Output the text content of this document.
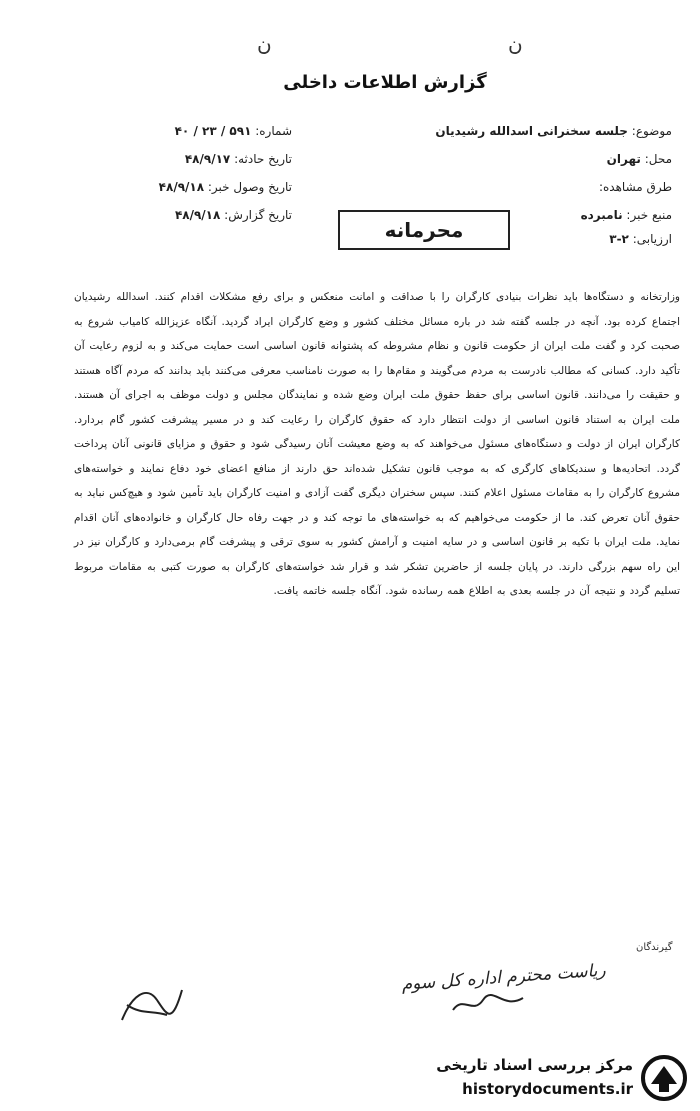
ن	ن
گزارش اطلاعات داخلی
شماره: ۵۹۱ / ۲۳ / ۴۰
تاریخ حادثه: ۴۸/۹/۱۷
تاریخ وصول خبر: ۴۸/۹/۱۸
تاریخ گزارش: ۴۸/۹/۱۸
موضوع: جلسه سخنرانی اسدالله رشیدیان
محل: تهران
طرق مشاهده:
منبع خبر: نامبرده
ارزیابی: ۲-۳
محرمانه
وزارتخانه و دستگاه‌ها باید نظرات بنیادی کارگران را با صداقت و امانت منعکس و برای رفع مشکلات اقدام کنند. اسدالله رشیدیان اجتماع کرده ‌بود. آنچه در جلسه گفته شد در باره مسائل مختلف کشور و وضع کارگران ایراد گردید. آنگاه عزیزالله کامیاب شروع به صحبت کرد و گفت ملت ایران از حکومت قانون و نظام مشروطه که پشتوانه قانون اساسی است حمایت می‌کند و به لزوم رعایت آن تأکید دارد. کسانی که مطالب نادرست به مردم می‌گویند و مقام‌ها را به صورت نامناسب معرفی می‌کنند باید بدانند که مردم آگاه هستند و حقیقت را می‌دانند. قانون اساسی برای حفظ حقوق ملت ایران وضع شده و نمایندگان مجلس و دولت موظف به اجرای آن هستند. ملت ایران به استناد قانون اساسی از دولت انتظار دارد که حقوق کارگران را رعایت کند و در مسیر پیشرفت کشور گام بردارد. کارگران ایران از دولت و دستگاه‌های مسئول می‌خواهند که به وضع معیشت آنان رسیدگی شود و حقوق و مزایای قانونی آنان پرداخت گردد. اتحادیه‌ها و سندیکاهای کارگری که به موجب قانون تشکیل شده‌اند حق دارند از منافع اعضای خود دفاع نمایند و خواسته‌های مشروع کارگران را به مقامات مسئول اعلام کنند. سپس سخنران دیگری گفت آزادی و امنیت کارگران باید تأمین شود و هیچ‌کس نباید به حقوق آنان تعرض کند. ما از حکومت می‌خواهیم که به خواسته‌های ما توجه کند و در جهت رفاه حال کارگران و خانواده‌های آنان اقدام نماید. ملت ایران با تکیه بر قانون اساسی و در سایه امنیت و آرامش کشور به سوی ترقی و پیشرفت گام برمی‌دارد و کارگران نیز در این راه سهم بزرگی دارند. در پایان جلسه از حاضرین تشکر شد و قرار شد خواسته‌های کارگران به صورت کتبی به مقامات مربوط تسلیم گردد و نتیجه آن در جلسه بعدی به اطلاع همه رسانده شود. آنگاه جلسه خاتمه یافت.
گیرندگان
ریاست محترم اداره کل سوم
مرکز بررسی اسناد تاریخی
historydocuments.ir
